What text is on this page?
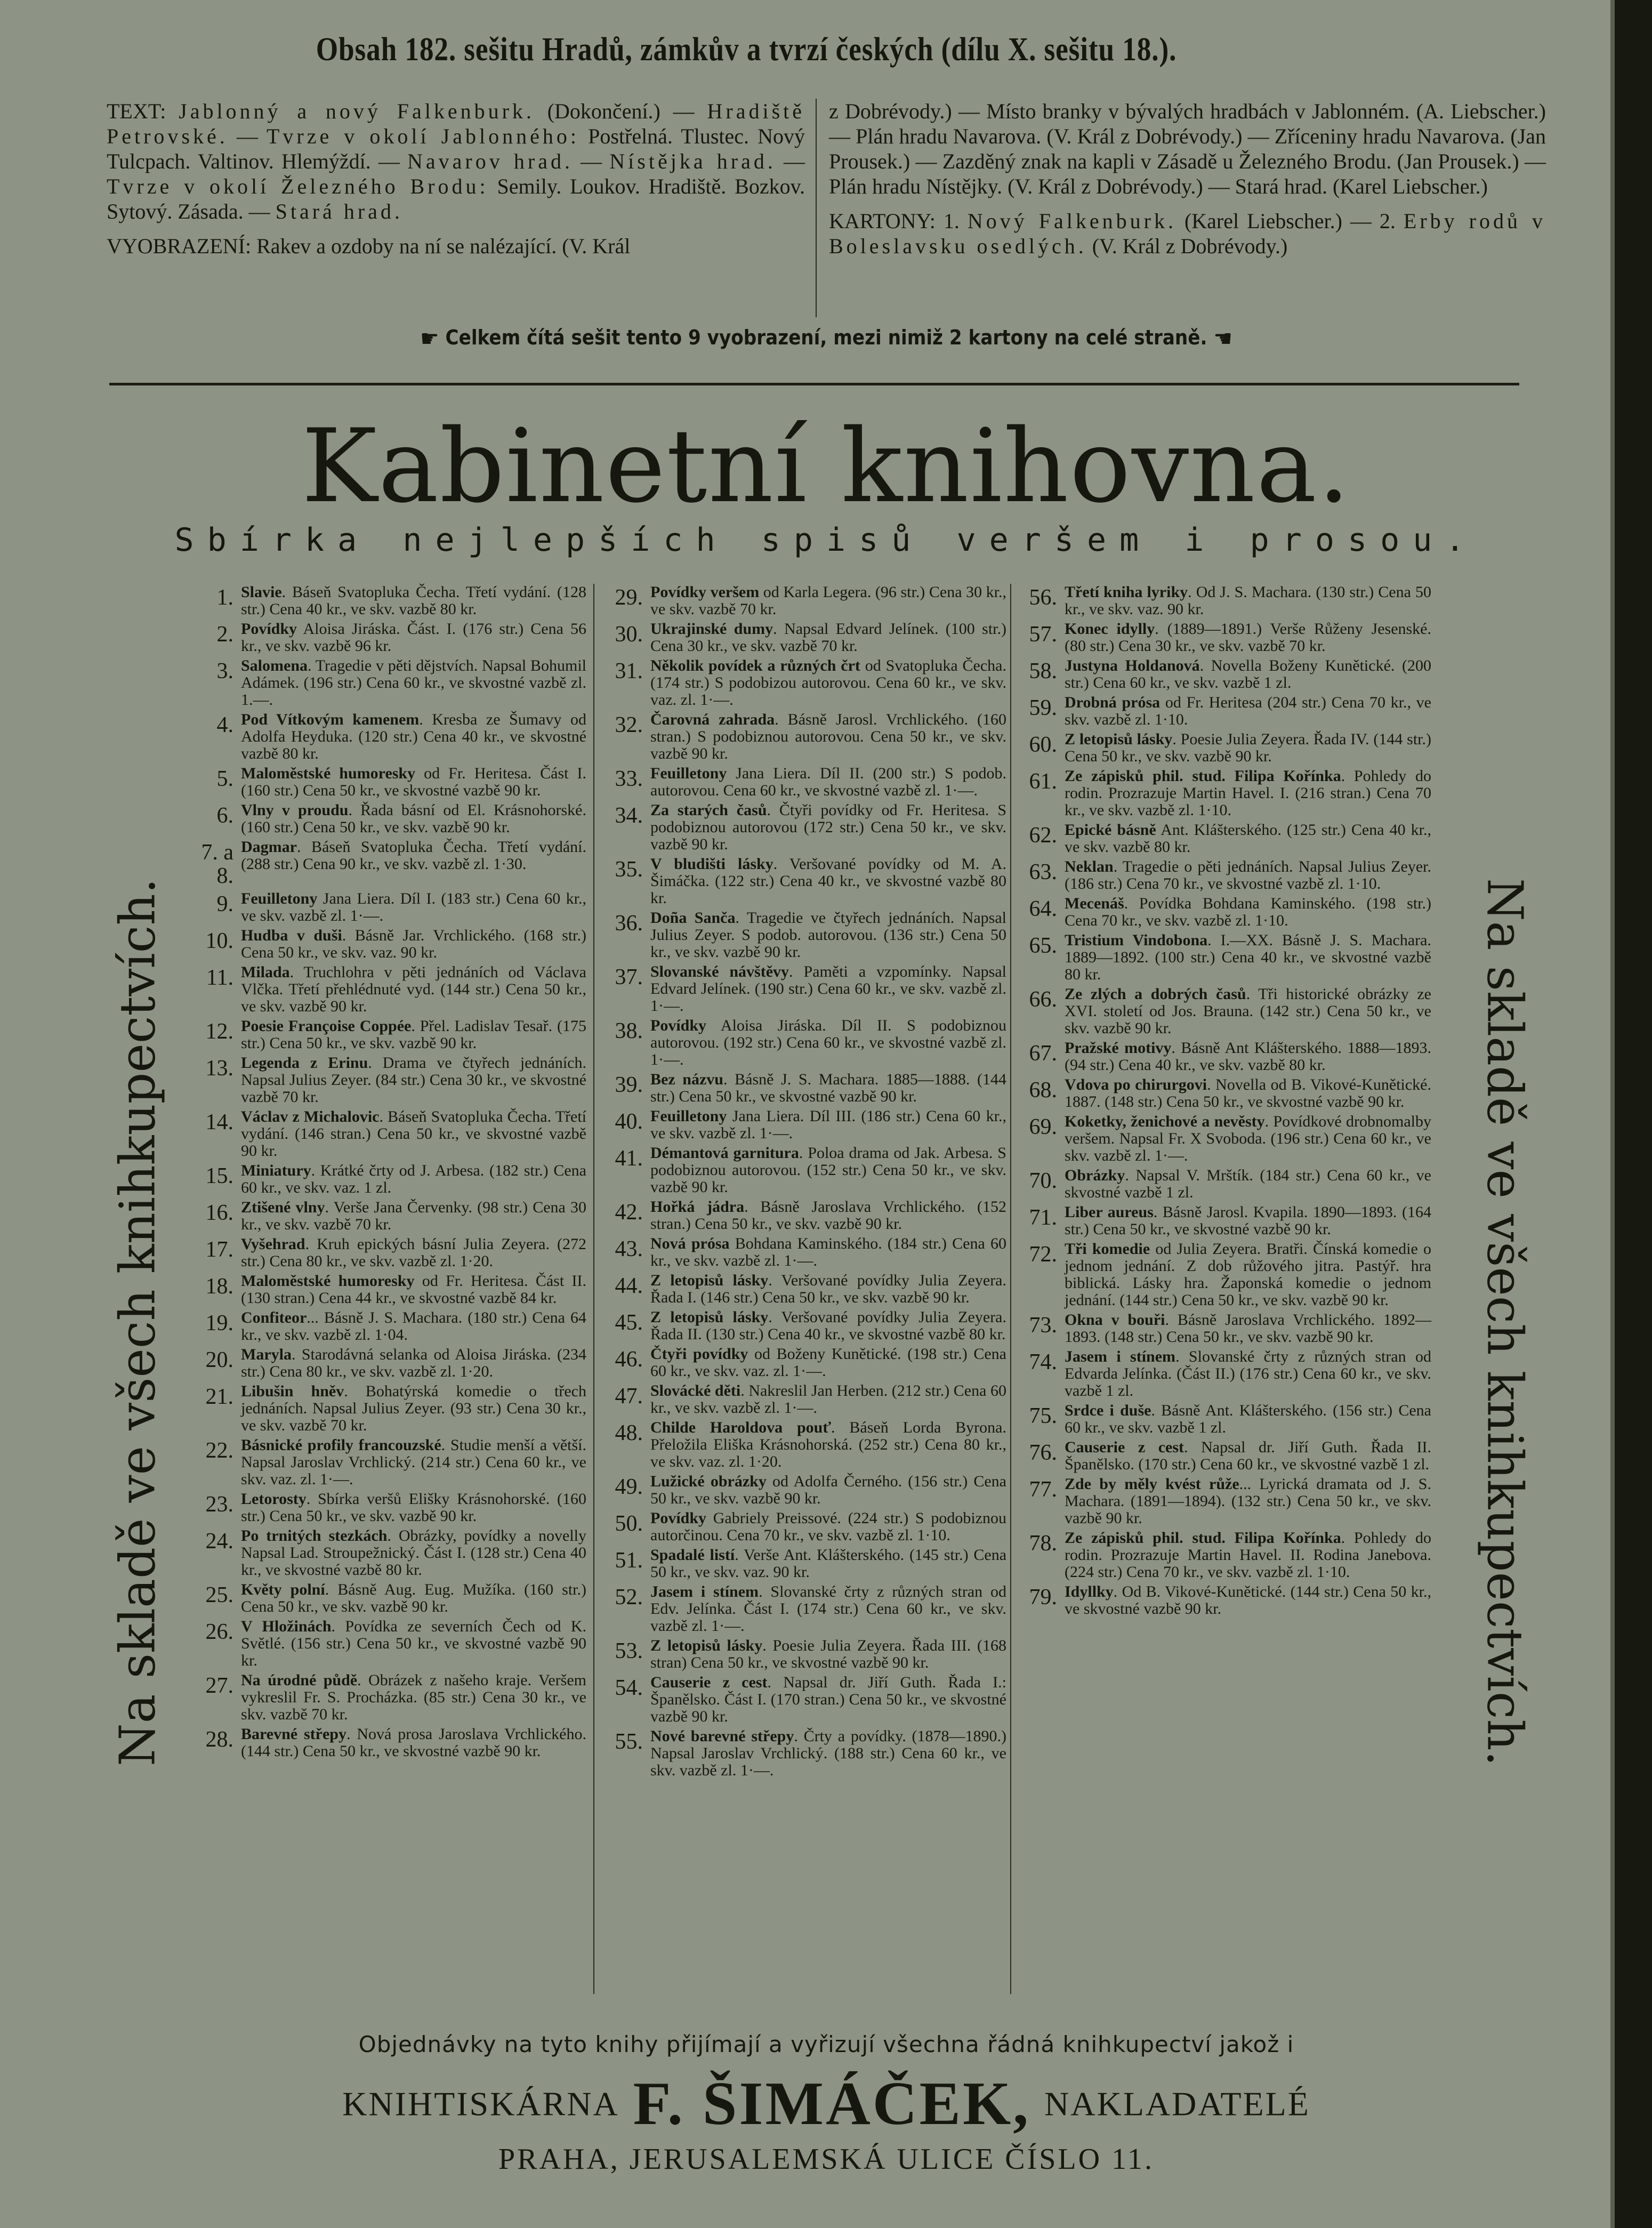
Obsah 182. sešitu Hradů, zámkův a tvrzí českých (dílu X. sešitu 18.).

TEXT: Jablonný a nový Falkenburk. (Dokončení.) — Hradiště Petrovské. — Tvrze v okolí Jablonného: Postřelná. Tlustec. Nový Tulcpach. Valtinov. Hlemýždí. — Navarov hrad. — Nístějka hrad. — Tvrze v okolí Železného Brodu: Semily. Loukov. Hradiště. Bozkov. Sytový. Zásada. — Stará hrad.

VYOBRAZENÍ: Rakev a ozdoby na ní se nalézající. (V. Král

z Dobrévody.) — Místo branky v bývalých hradbách v Jablonném. (A. Liebscher.) — Plán hradu Navarova. (V. Král z Dobrévody.) — Zříceniny hradu Navarova. (Jan Prousek.) — Zazděný znak na kapli v Zásadě u Železného Brodu. (Jan Prousek.) — Plán hradu Nístějky. (V. Král z Dobrévody.) — Stará hrad. (Karel Liebscher.)

KARTONY: 1. Nový Falkenburk. (Karel Liebscher.) — 2. Erby rodů v Boleslavsku osedlých. (V. Král z Dobrévody.)

☛ Celkem čítá sešit tento 9 vyobrazení, mezi nimiž 2 kartony na celé straně. ☚
Kabinetní knihovna.
Sbírka nejlepších spisů veršem i prosou.
Na skladě ve všech knihkupectvích.	Na skladě ve všech knihkupectvích.
1. Slavie. Báseň Svatopluka Čecha. Třetí vydání. (128 str.) Cena 40 kr., ve skv. vazbě 80 kr.
2. Povídky Aloisa Jiráska. Část. I. (176 str.) Cena 56 kr., ve skv. vazbě 96 kr.
3. Salomena. Tragedie v pěti dějstvích. Napsal Bohumil Adámek. (196 str.) Cena 60 kr., ve skvostné vazbě zl. 1.—.
4. Pod Vítkovým kamenem. Kresba ze Šumavy od Adolfa Heyduka. (120 str.) Cena 40 kr., ve skvostné vazbě 80 kr.
5. Maloměstské humoresky od Fr. Heritesa. Část I. (160 str.) Cena 50 kr., ve skvostné vazbě 90 kr.
6. Vlny v proudu. Řada básní od El. Krásnohorské. (160 str.) Cena 50 kr., ve skv. vazbě 90 kr.
7. a 8.
Dagmar. Báseň Svatopluka Čecha. Třetí vydání. (288 str.) Cena 90 kr., ve skv. vazbě zl. 1·30.
9. Feuilletony Jana Liera. Díl I. (183 str.) Cena 60 kr., ve skv. vazbě zl. 1·—.
10. Hudba v duši. Básně Jar. Vrchlického. (168 str.) Cena 50 kr., ve skv. vaz. 90 kr.
11. Milada. Truchlohra v pěti jednáních od Václava Vlčka. Třetí přehlédnuté vyd. (144 str.) Cena 50 kr., ve skv. vazbě 90 kr.
12. Poesie Françoise Coppée. Přel. Ladislav Tesař. (175 str.) Cena 50 kr., ve skv. vazbě 90 kr.
13. Legenda z Erinu. Drama ve čtyřech jednáních. Napsal Julius Zeyer. (84 str.) Cena 30 kr., ve skvostné vazbě 70 kr.
14. Václav z Michalovic. Báseň Svatopluka Čecha. Třetí vydání. (146 stran.) Cena 50 kr., ve skvostné vazbě 90 kr.
15. Miniatury. Krátké črty od J. Arbesa. (182 str.) Cena 60 kr., ve skv. vaz. 1 zl.
16. Ztišené vlny. Verše Jana Červenky. (98 str.) Cena 30 kr., ve skv. vazbě 70 kr.
17. Vyšehrad. Kruh epických básní Julia Zeyera. (272 str.) Cena 80 kr., ve skv. vazbě zl. 1·20.
18. Maloměstské humoresky od Fr. Heritesa. Část II. (130 stran.) Cena 44 kr., ve skvostné vazbě 84 kr.
19. Confiteor... Básně J. S. Machara. (180 str.) Cena 64 kr., ve skv. vazbě zl. 1·04.
20. Maryla. Starodávná selanka od Aloisa Jiráska. (234 str.) Cena 80 kr., ve skv. vazbě zl. 1·20.
21. Libušin hněv. Bohatýrská komedie o třech jednáních. Napsal Julius Zeyer. (93 str.) Cena 30 kr., ve skv. vazbě 70 kr.
22. Básnické profily francouzské. Studie menší a větší. Napsal Jaroslav Vrchlický. (214 str.) Cena 60 kr., ve skv. vaz. zl. 1·—.
23. Letorosty. Sbírka veršů Elišky Krásnohorské. (160 str.) Cena 50 kr., ve skv. vazbě 90 kr.
24. Po trnitých stezkách. Obrázky, povídky a novelly Napsal Lad. Stroupežnický. Část I. (128 str.) Cena 40 kr., ve skvostné vazbě 80 kr.
25. Květy polní. Básně Aug. Eug. Mužíka. (160 str.) Cena 50 kr., ve skv. vazbě 90 kr.
26. V Hložinách. Povídka ze severních Čech od K. Světlé. (156 str.) Cena 50 kr., ve skvostné vazbě 90 kr.
27. Na úrodné půdě. Obrázek z našeho kraje. Veršem vykreslil Fr. S. Procházka. (85 str.) Cena 30 kr., ve skv. vazbě 70 kr.
28. Barevné střepy. Nová prosa Jaroslava Vrchlického. (144 str.) Cena 50 kr., ve skvostné vazbě 90 kr.
29. Povídky veršem od Karla Legera. (96 str.) Cena 30 kr., ve skv. vazbě 70 kr.
30. Ukrajinské dumy. Napsal Edvard Jelínek. (100 str.) Cena 30 kr., ve skv. vazbě 70 kr.
31. Několik povídek a různých črt od Svatopluka Čecha. (174 str.) S podobizou autorovou. Cena 60 kr., ve skv. vaz. zl. 1·—.
32. Čarovná zahrada. Básně Jarosl. Vrchlického. (160 stran.) S podobiznou autorovou. Cena 50 kr., ve skv. vazbě 90 kr.
33. Feuilletony Jana Liera. Díl II. (200 str.) S podob. autorovou. Cena 60 kr., ve skvostné vazbě zl. 1·—.
34. Za starých časů. Čtyři povídky od Fr. Heritesa. S podobiznou autorovou (172 str.) Cena 50 kr., ve skv. vazbě 90 kr.
35. V bludišti lásky. Veršované povídky od M. A. Šimáčka. (122 str.) Cena 40 kr., ve skvostné vazbě 80 kr.
36. Doña Sanča. Tragedie ve čtyřech jednáních. Napsal Julius Zeyer. S podob. autorovou. (136 str.) Cena 50 kr., ve skv. vazbě 90 kr.
37. Slovanské návštěvy. Paměti a vzpomínky. Napsal Edvard Jelínek. (190 str.) Cena 60 kr., ve skv. vazbě zl. 1·—.
38. Povídky Aloisa Jiráska. Díl II. S podobiznou autorovou. (192 str.) Cena 60 kr., ve skvostné vazbě zl. 1·—.
39. Bez názvu. Básně J. S. Machara. 1885—1888. (144 str.) Cena 50 kr., ve skvostné vazbě 90 kr.
40. Feuilletony Jana Liera. Díl III. (186 str.) Cena 60 kr., ve skv. vazbě zl. 1·—.
41. Démantová garnitura. Poloa drama od Jak. Arbesa. S podobiznou autorovou. (152 str.) Cena 50 kr., ve skv. vazbě 90 kr.
42. Hořká jádra. Básně Jaroslava Vrchlického. (152 stran.) Cena 50 kr., ve skv. vazbě 90 kr.
43. Nová prósa Bohdana Kaminského. (184 str.) Cena 60 kr., ve skv. vazbě zl. 1·—.
44. Z letopisů lásky. Veršované povídky Julia Zeyera. Řada I. (146 str.) Cena 50 kr., ve skv. vazbě 90 kr.
45. Z letopisů lásky. Veršované povídky Julia Zeyera. Řada II. (130 str.) Cena 40 kr., ve skvostné vazbě 80 kr.
46. Čtyři povídky od Boženy Kunětické. (198 str.) Cena 60 kr., ve skv. vaz. zl. 1·—.
47. Slovácké děti. Nakreslil Jan Herben. (212 str.) Cena 60 kr., ve skv. vazbě zl. 1·—.
48. Childe Haroldova pouť. Báseň Lorda Byrona. Přeložila Eliška Krásnohorská. (252 str.) Cena 80 kr., ve skv. vaz. zl. 1·20.
49. Lužické obrázky od Adolfa Černého. (156 str.) Cena 50 kr., ve skv. vazbě 90 kr.
50. Povídky Gabriely Preissové. (224 str.) S podobiznou autorčinou. Cena 70 kr., ve skv. vazbě zl. 1·10.
51. Spadalé listí. Verše Ant. Klášterského. (145 str.) Cena 50 kr., ve skv. vaz. 90 kr.
52. Jasem i stínem. Slovanské črty z různých stran od Edv. Jelínka. Část I. (174 str.) Cena 60 kr., ve skv. vazbě zl. 1·—.
53. Z letopisů lásky. Poesie Julia Zeyera. Řada III. (168 stran) Cena 50 kr., ve skvostné vazbě 90 kr.
54. Causerie z cest. Napsal dr. Jiří Guth. Řada I.: Španělsko. Část I. (170 stran.) Cena 50 kr., ve skvostné vazbě 90 kr.
55. Nové barevné střepy. Črty a povídky. (1878—1890.) Napsal Jaroslav Vrchlický. (188 str.) Cena 60 kr., ve skv. vazbě zl. 1·—.
56. Třetí kniha lyriky. Od J. S. Machara. (130 str.) Cena 50 kr., ve skv. vaz. 90 kr.
57. Konec idylly. (1889—1891.) Verše Růženy Jesenské. (80 str.) Cena 30 kr., ve skv. vazbě 70 kr.
58. Justyna Holdanová. Novella Boženy Kunětické. (200 str.) Cena 60 kr., ve skv. vazbě 1 zl.
59. Drobná prósa od Fr. Heritesa (204 str.) Cena 70 kr., ve skv. vazbě zl. 1·10.
60. Z letopisů lásky. Poesie Julia Zeyera. Řada IV. (144 str.) Cena 50 kr., ve skv. vazbě 90 kr.
61. Ze zápisků phil. stud. Filipa Kořínka. Pohledy do rodin. Prozrazuje Martin Havel. I. (216 stran.) Cena 70 kr., ve skv. vazbě zl. 1·10.
62. Epické básně Ant. Klášterského. (125 str.) Cena 40 kr., ve skv. vazbě 80 kr.
63. Neklan. Tragedie o pěti jednáních. Napsal Julius Zeyer. (186 str.) Cena 70 kr., ve skvostné vazbě zl. 1·10.
64. Mecenáš. Povídka Bohdana Kaminského. (198 str.) Cena 70 kr., ve skv. vazbě zl. 1·10.
65. Tristium Vindobona. I.—XX. Básně J. S. Machara. 1889—1892. (100 str.) Cena 40 kr., ve skvostné vazbě 80 kr.
66. Ze zlých a dobrých časů. Tři historické obrázky ze XVI. století od Jos. Brauna. (142 str.) Cena 50 kr., ve skv. vazbě 90 kr.
67. Pražské motivy. Básně Ant Klášterského. 1888—1893. (94 str.) Cena 40 kr., ve skv. vazbě 80 kr.
68. Vdova po chirurgovi. Novella od B. Vikové-Kunětické. 1887. (148 str.) Cena 50 kr., ve skvostné vazbě 90 kr.
69. Koketky, ženichové a nevěsty. Povídkové drobnomalby veršem. Napsal Fr. X Svoboda. (196 str.) Cena 60 kr., ve skv. vazbě zl. 1·—.
70. Obrázky. Napsal V. Mrštík. (184 str.) Cena 60 kr., ve skvostné vazbě 1 zl.
71. Liber aureus. Básně Jarosl. Kvapila. 1890—1893. (164 str.) Cena 50 kr., ve skvostné vazbě 90 kr.
72. Tři komedie od Julia Zeyera. Bratři. Čínská komedie o jednom jednání. Z dob růžového jitra. Pastýř. hra biblická. Lásky hra. Žaponská komedie o jednom jednání. (144 str.) Cena 50 kr., ve skv. vazbě 90 kr.
73. Okna v bouři. Básně Jaroslava Vrchlického. 1892—1893. (148 str.) Cena 50 kr., ve skv. vazbě 90 kr.
74. Jasem i stínem. Slovanské črty z různých stran od Edvarda Jelínka. (Část II.) (176 str.) Cena 60 kr., ve skv. vazbě 1 zl.
75. Srdce i duše. Básně Ant. Klášterského. (156 str.) Cena 60 kr., ve skv. vazbě 1 zl.
76. Causerie z cest. Napsal dr. Jiří Guth. Řada II. Španělsko. (170 str.) Cena 60 kr., ve skvostné vazbě 1 zl.
77. Zde by měly kvést růže... Lyrická dramata od J. S. Machara. (1891—1894). (132 str.) Cena 50 kr., ve skv. vazbě 90 kr.
78. Ze zápisků phil. stud. Filipa Kořínka. Pohledy do rodin. Prozrazuje Martin Havel. II. Rodina Janebova. (224 str.) Cena 70 kr., ve skv. vazbě zl. 1·10.
79. Idyllky. Od B. Vikové-Kunětické. (144 str.) Cena 50 kr., ve skvostné vazbě 90 kr.
Objednávky na tyto knihy přijímají a vyřizují všechna řádná knihkupectví jakož i
KNIHTISKÁRNA F. ŠIMÁČEK, NAKLADATELÉ
PRAHA, JERUSALEMSKÁ ULICE ČÍSLO 11.
